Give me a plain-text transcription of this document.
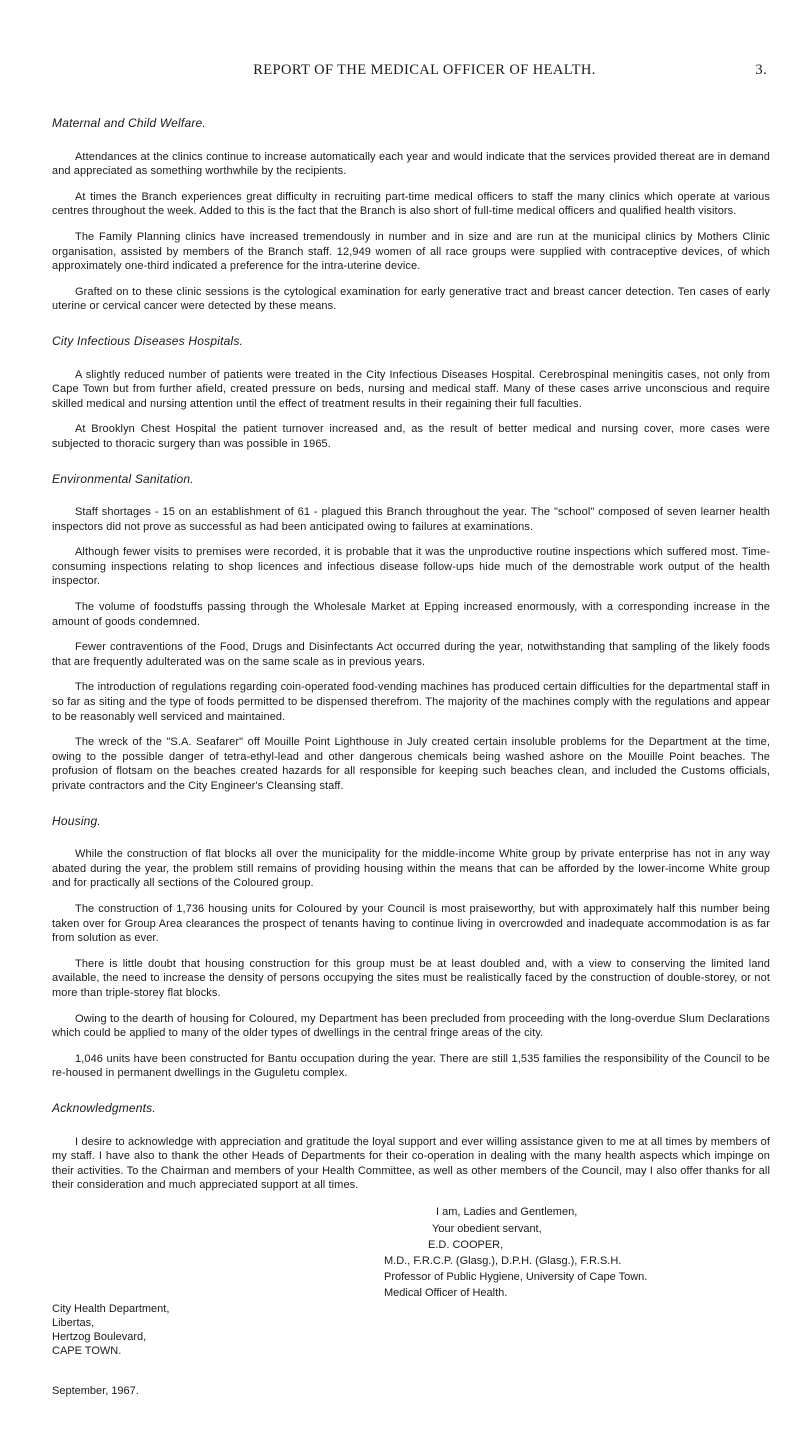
REPORT OF THE MEDICAL OFFICER OF HEALTH.	3.
Maternal and Child Welfare.

Attendances at the clinics continue to increase automatically each year and would indicate that the services provided thereat are in demand and appreciated as something worthwhile by the recipients.

At times the Branch experiences great difficulty in recruiting part-time medical officers to staff the many clinics which operate at various centres throughout the week. Added to this is the fact that the Branch is also short of full-time medical officers and qualified health visitors.

The Family Planning clinics have increased tremendously in number and in size and are run at the municipal clinics by Mothers Clinic organisation, assisted by members of the Branch staff. 12,949 women of all race groups were supplied with contraceptive devices, of which approximately one-third indicated a preference for the intra-uterine device.

Grafted on to these clinic sessions is the cytological examination for early generative tract and breast cancer detection. Ten cases of early uterine or cervical cancer were detected by these means.

City Infectious Diseases Hospitals.

A slightly reduced number of patients were treated in the City Infectious Diseases Hospital. Cerebrospinal meningitis cases, not only from Cape Town but from further afield, created pressure on beds, nursing and medical staff. Many of these cases arrive unconscious and require skilled medical and nursing attention until the effect of treatment results in their regaining their full faculties.

At Brooklyn Chest Hospital the patient turnover increased and, as the result of better medical and nursing cover, more cases were subjected to thoracic surgery than was possible in 1965.

Environmental Sanitation.

Staff shortages - 15 on an establishment of 61 - plagued this Branch throughout the year. The "school" composed of seven learner health inspectors did not prove as successful as had been anticipated owing to failures at examinations.

Although fewer visits to premises were recorded, it is probable that it was the unproductive routine inspections which suffered most. Time-consuming inspections relating to shop licences and infectious disease follow-ups hide much of the demostrable work output of the health inspector.

The volume of foodstuffs passing through the Wholesale Market at Epping increased enormously, with a corresponding increase in the amount of goods condemned.

Fewer contraventions of the Food, Drugs and Disinfectants Act occurred during the year, notwithstanding that sampling of the likely foods that are frequently adulterated was on the same scale as in previous years.

The introduction of regulations regarding coin-operated food-vending machines has produced certain difficulties for the departmental staff in so far as siting and the type of foods permitted to be dispensed therefrom. The majority of the machines comply with the regulations and appear to be reasonably well serviced and maintained.

The wreck of the "S.A. Seafarer" off Mouille Point Lighthouse in July created certain insoluble problems for the Department at the time, owing to the possible danger of tetra-ethyl-lead and other dangerous chemicals being washed ashore on the Mouille Point beaches. The profusion of flotsam on the beaches created hazards for all responsible for keeping such beaches clean, and included the Customs officials, private contractors and the City Engineer's Cleansing staff.

Housing.

While the construction of flat blocks all over the municipality for the middle-income White group by private enterprise has not in any way abated during the year, the problem still remains of providing housing within the means that can be afforded by the lower-income White group and for practically all sections of the Coloured group.

The construction of 1,736 housing units for Coloured by your Council is most praiseworthy, but with approximately half this number being taken over for Group Area clearances the prospect of tenants having to continue living in overcrowded and inadequate accommodation is as far from solution as ever.

There is little doubt that housing construction for this group must be at least doubled and, with a view to conserving the limited land available, the need to increase the density of persons occupying the sites must be realistically faced by the construction of double-storey, or not more than triple-storey flat blocks.

Owing to the dearth of housing for Coloured, my Department has been precluded from proceeding with the long-overdue Slum Declarations which could be applied to many of the older types of dwellings in the central fringe areas of the city.

1,046 units have been constructed for Bantu occupation during the year. There are still 1,535 families the responsibility of the Council to be re-housed in permanent dwellings in the Guguletu complex.

Acknowledgments.

I desire to acknowledge with appreciation and gratitude the loyal support and ever willing assistance given to me at all times by members of my staff. I have also to thank the other Heads of Departments for their co-operation in dealing with the many health aspects which impinge on their activities. To the Chairman and members of your Health Committee, as well as other members of the Council, may I also offer thanks for all their consideration and much appreciated support at all times.

I am, Ladies and Gentlemen,
Your obedient servant,
E.D. COOPER,
M.D., F.R.C.P. (Glasg.), D.P.H. (Glasg.), F.R.S.H.
Professor of Public Hygiene, University of Cape Town.
Medical Officer of Health.
City Health Department,
Libertas,
Hertzog Boulevard,
CAPE TOWN.
September, 1967.
